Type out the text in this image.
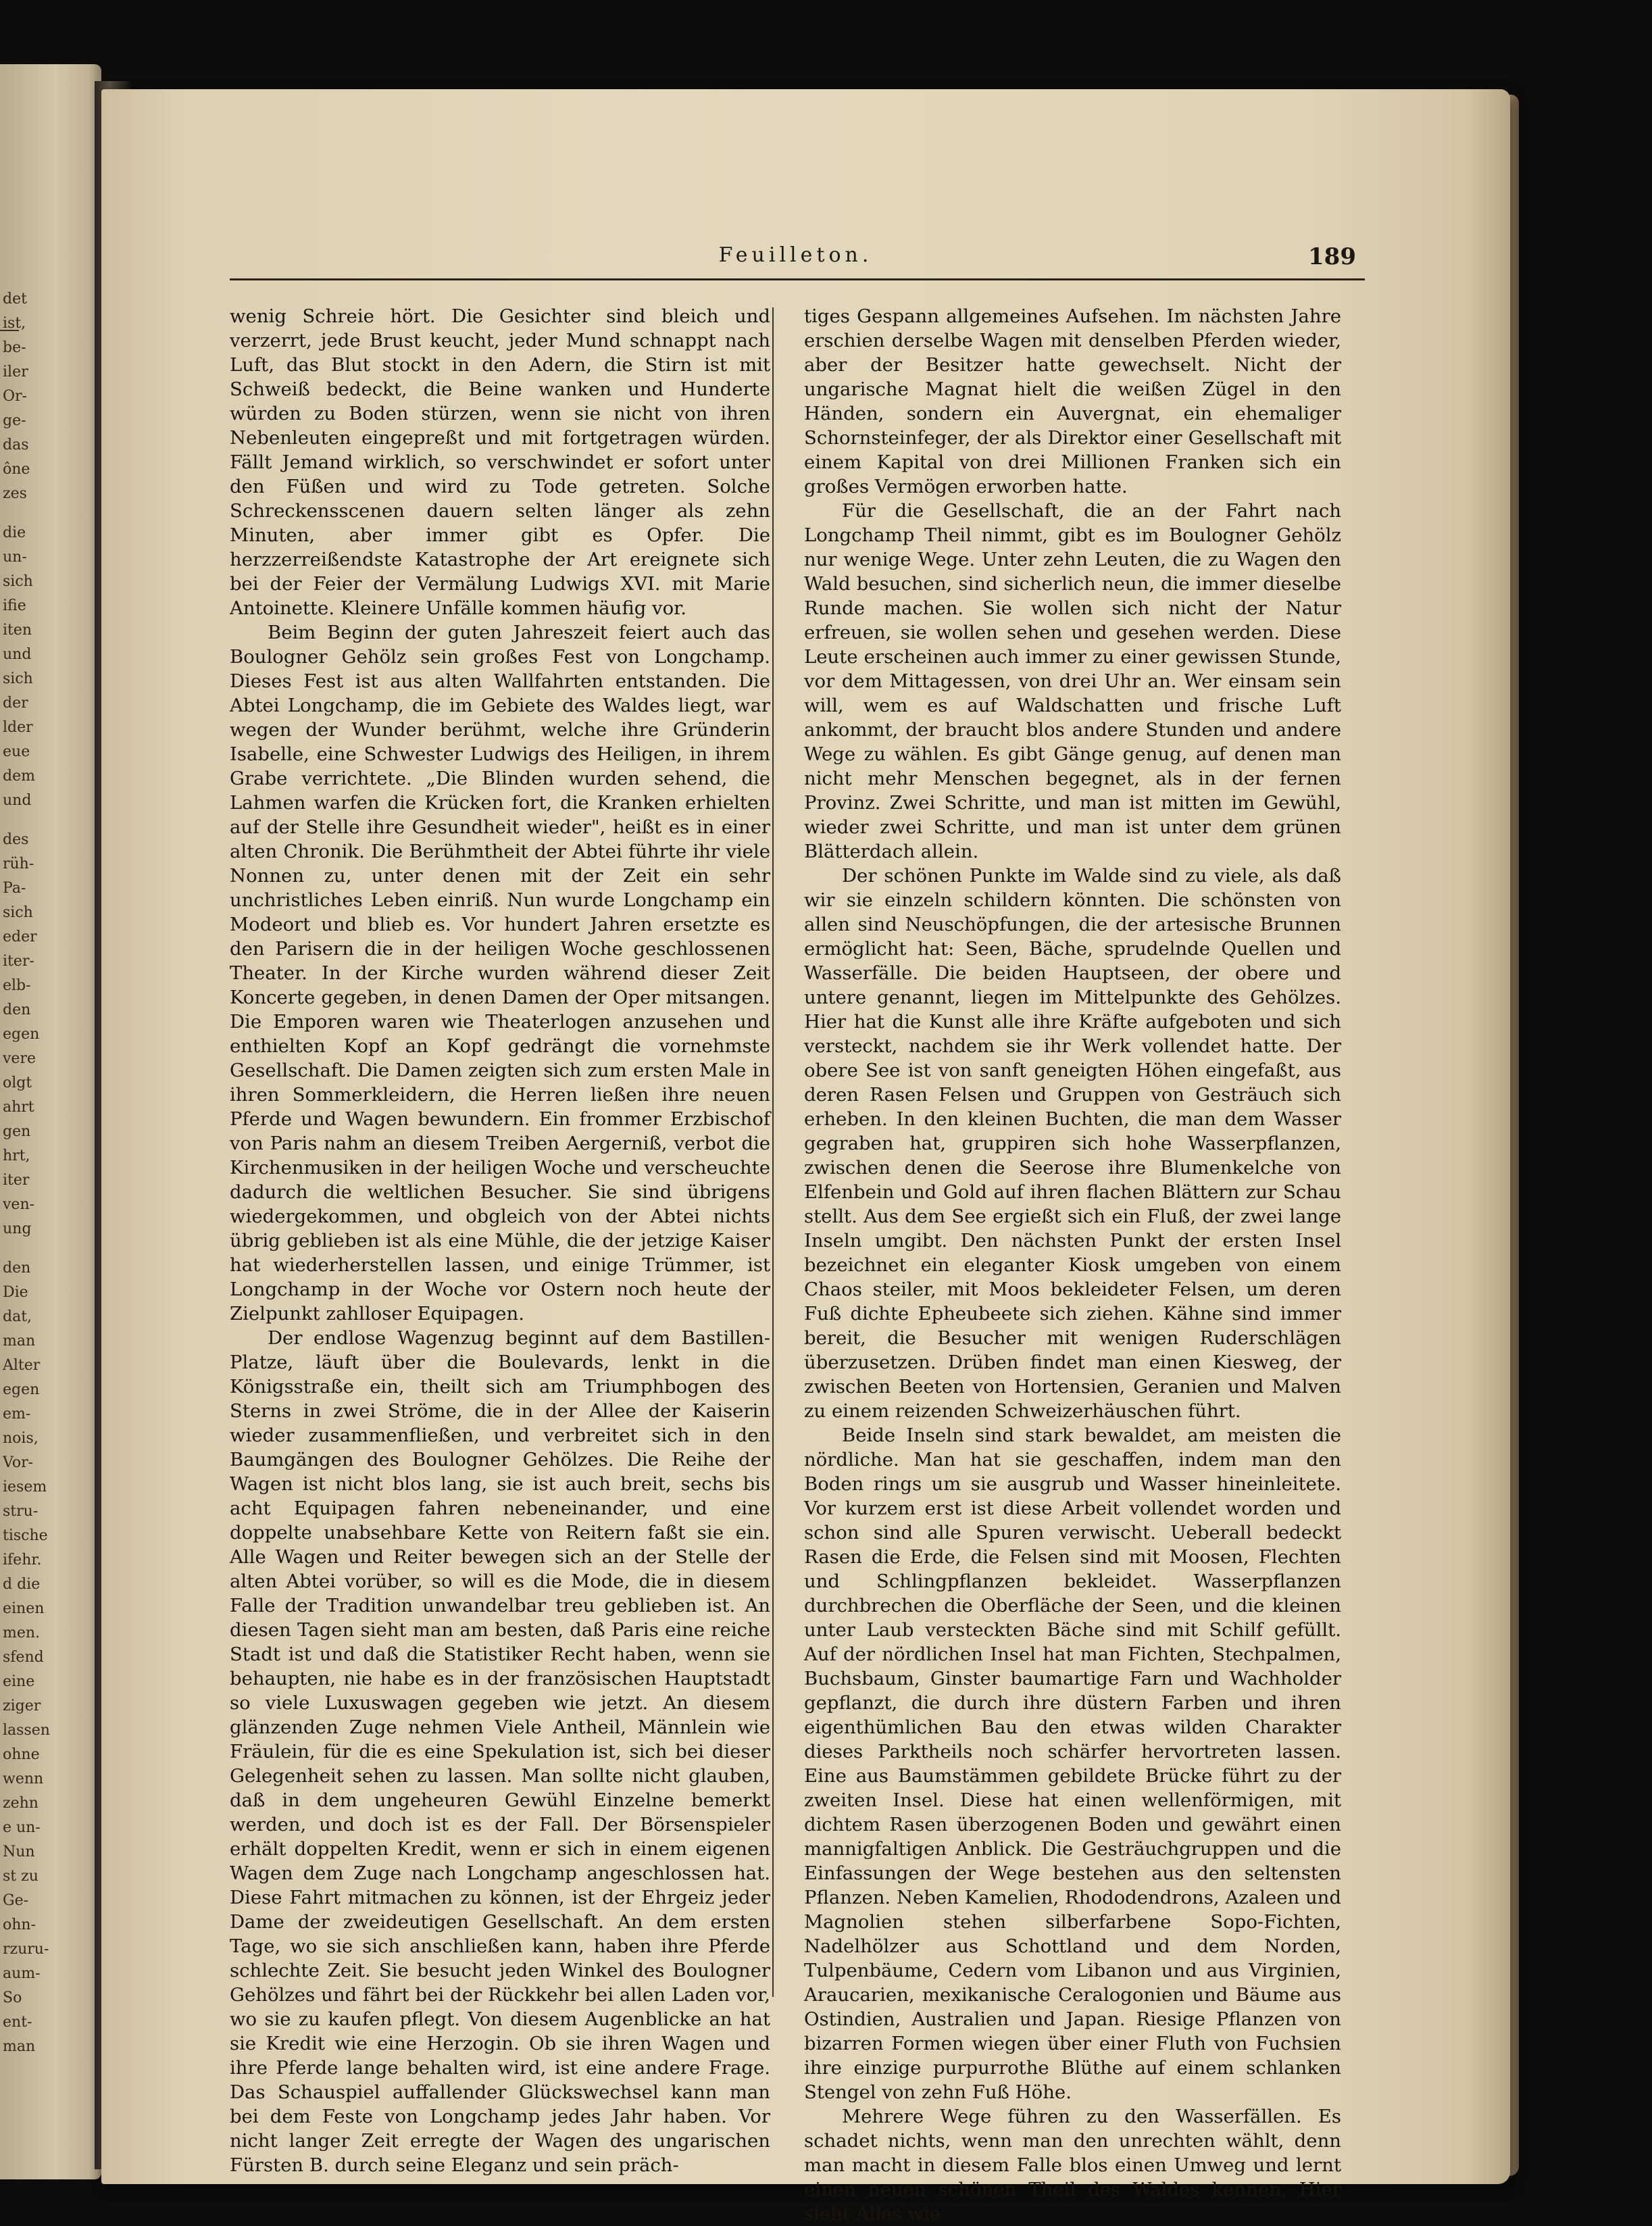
det
ist,
be-
iler
Or-
ge-
das
ône
zes
die
un-
sich
ifie
iten
und
sich
der
lder
eue
dem
und
des
rüh-
Pa-
sich
eder
iter-
elb-
den
egen
vere
olgt
ahrt
gen
hrt,
iter
ven-
ung
den
Die
dat,
man
Alter
egen
em-
nois,
Vor-
iesem
stru-
tische
ifehr.
d die
einen
men.
sfend
eine
ziger
lassen
ohne
wenn
zehn
e un-
Nun
st zu
Ge-
ohn-
rzuru-
aum-
So
ent-
man
Feuilleton.	189

wenig Schreie hört. Die Gesichter sind bleich und verzerrt, jede Brust keucht, jeder Mund schnappt nach Luft, das Blut stockt in den Adern, die Stirn ist mit Schweiß bedeckt, die Beine wanken und Hunderte würden zu Boden stürzen, wenn sie nicht von ihren Nebenleuten eingepreßt und mit fortgetragen würden. Fällt Jemand wirklich, so verschwindet er sofort unter den Füßen und wird zu Tode getreten. Solche Schreckensscenen dauern selten länger als zehn Minuten, aber immer gibt es Opfer. Die herzzerreißendste Katastrophe der Art ereignete sich bei der Feier der Vermälung Ludwigs XVI. mit Marie Antoinette. Kleinere Unfälle kommen häufig vor.

Beim Beginn der guten Jahreszeit feiert auch das Boulogner Gehölz sein großes Fest von Longchamp. Dieses Fest ist aus alten Wallfahrten entstanden. Die Abtei Longchamp, die im Gebiete des Waldes liegt, war wegen der Wunder berühmt, welche ihre Gründerin Isabelle, eine Schwester Ludwigs des Heiligen, in ihrem Grabe verrichtete. „Die Blinden wurden sehend, die Lahmen warfen die Krücken fort, die Kranken erhielten auf der Stelle ihre Gesundheit wieder", heißt es in einer alten Chronik. Die Berühmtheit der Abtei führte ihr viele Nonnen zu, unter denen mit der Zeit ein sehr unchristliches Leben einriß. Nun wurde Longchamp ein Modeort und blieb es. Vor hundert Jahren ersetzte es den Parisern die in der heiligen Woche geschlossenen Theater. In der Kirche wurden während dieser Zeit Koncerte gegeben, in denen Damen der Oper mitsangen. Die Emporen waren wie Theaterlogen anzusehen und enthielten Kopf an Kopf gedrängt die vornehmste Gesellschaft. Die Damen zeigten sich zum ersten Male in ihren Sommerkleidern, die Herren ließen ihre neuen Pferde und Wagen bewundern. Ein frommer Erzbischof von Paris nahm an diesem Treiben Aergerniß, verbot die Kirchenmusiken in der heiligen Woche und verscheuchte dadurch die weltlichen Besucher. Sie sind übrigens wiedergekommen, und obgleich von der Abtei nichts übrig geblieben ist als eine Mühle, die der jetzige Kaiser hat wiederherstellen lassen, und einige Trümmer, ist Longchamp in der Woche vor Ostern noch heute der Zielpunkt zahlloser Equipagen.

Der endlose Wagenzug beginnt auf dem Bastillen-Platze, läuft über die Boulevards, lenkt in die Königsstraße ein, theilt sich am Triumphbogen des Sterns in zwei Ströme, die in der Allee der Kaiserin wieder zusammenfließen, und verbreitet sich in den Baumgängen des Boulogner Gehölzes. Die Reihe der Wagen ist nicht blos lang, sie ist auch breit, sechs bis acht Equipagen fahren nebeneinander, und eine doppelte unabsehbare Kette von Reitern faßt sie ein. Alle Wagen und Reiter bewegen sich an der Stelle der alten Abtei vorüber, so will es die Mode, die in diesem Falle der Tradition unwandelbar treu geblieben ist. An diesen Tagen sieht man am besten, daß Paris eine reiche Stadt ist und daß die Statistiker Recht haben, wenn sie behaupten, nie habe es in der französischen Hauptstadt so viele Luxuswagen gegeben wie jetzt. An diesem glänzenden Zuge nehmen Viele Antheil, Männlein wie Fräulein, für die es eine Spekulation ist, sich bei dieser Gelegenheit sehen zu lassen. Man sollte nicht glauben, daß in dem ungeheuren Gewühl Einzelne bemerkt werden, und doch ist es der Fall. Der Börsenspieler erhält doppelten Kredit, wenn er sich in einem eigenen Wagen dem Zuge nach Longchamp angeschlossen hat. Diese Fahrt mitmachen zu können, ist der Ehrgeiz jeder Dame der zweideutigen Gesellschaft. An dem ersten Tage, wo sie sich anschließen kann, haben ihre Pferde schlechte Zeit. Sie besucht jeden Winkel des Boulogner Gehölzes und fährt bei der Rückkehr bei allen Laden vor, wo sie zu kaufen pflegt. Von diesem Augenblicke an hat sie Kredit wie eine Herzogin. Ob sie ihren Wagen und ihre Pferde lange behalten wird, ist eine andere Frage. Das Schauspiel auffallender Glückswechsel kann man bei dem Feste von Longchamp jedes Jahr haben. Vor nicht langer Zeit erregte der Wagen des ungarischen Fürsten B. durch seine Eleganz und sein präch-

tiges Gespann allgemeines Aufsehen. Im nächsten Jahre erschien derselbe Wagen mit denselben Pferden wieder, aber der Besitzer hatte gewechselt. Nicht der ungarische Magnat hielt die weißen Zügel in den Händen, sondern ein Auvergnat, ein ehemaliger Schornsteinfeger, der als Direktor einer Gesellschaft mit einem Kapital von drei Millionen Franken sich ein großes Vermögen erworben hatte.

Für die Gesellschaft, die an der Fahrt nach Longchamp Theil nimmt, gibt es im Boulogner Gehölz nur wenige Wege. Unter zehn Leuten, die zu Wagen den Wald besuchen, sind sicherlich neun, die immer dieselbe Runde machen. Sie wollen sich nicht der Natur erfreuen, sie wollen sehen und gesehen werden. Diese Leute erscheinen auch immer zu einer gewissen Stunde, vor dem Mittagessen, von drei Uhr an. Wer einsam sein will, wem es auf Waldschatten und frische Luft ankommt, der braucht blos andere Stunden und andere Wege zu wählen. Es gibt Gänge genug, auf denen man nicht mehr Menschen begegnet, als in der fernen Provinz. Zwei Schritte, und man ist mitten im Gewühl, wieder zwei Schritte, und man ist unter dem grünen Blätterdach allein.

Der schönen Punkte im Walde sind zu viele, als daß wir sie einzeln schildern könnten. Die schönsten von allen sind Neuschöpfungen, die der artesische Brunnen ermöglicht hat: Seen, Bäche, sprudelnde Quellen und Wasserfälle. Die beiden Hauptseen, der obere und untere genannt, liegen im Mittelpunkte des Gehölzes. Hier hat die Kunst alle ihre Kräfte aufgeboten und sich versteckt, nachdem sie ihr Werk vollendet hatte. Der obere See ist von sanft geneigten Höhen eingefaßt, aus deren Rasen Felsen und Gruppen von Gesträuch sich erheben. In den kleinen Buchten, die man dem Wasser gegraben hat, gruppiren sich hohe Wasserpflanzen, zwischen denen die Seerose ihre Blumenkelche von Elfenbein und Gold auf ihren flachen Blättern zur Schau stellt. Aus dem See ergießt sich ein Fluß, der zwei lange Inseln umgibt. Den nächsten Punkt der ersten Insel bezeichnet ein eleganter Kiosk umgeben von einem Chaos steiler, mit Moos bekleideter Felsen, um deren Fuß dichte Epheubeete sich ziehen. Kähne sind immer bereit, die Besucher mit wenigen Ruderschlägen überzusetzen. Drüben findet man einen Kiesweg, der zwischen Beeten von Hortensien, Geranien und Malven zu einem reizenden Schweizerhäuschen führt.

Beide Inseln sind stark bewaldet, am meisten die nördliche. Man hat sie geschaffen, indem man den Boden rings um sie ausgrub und Wasser hineinleitete. Vor kurzem erst ist diese Arbeit vollendet worden und schon sind alle Spuren verwischt. Ueberall bedeckt Rasen die Erde, die Felsen sind mit Moosen, Flechten und Schlingpflanzen bekleidet. Wasserpflanzen durchbrechen die Oberfläche der Seen, und die kleinen unter Laub versteckten Bäche sind mit Schilf gefüllt. Auf der nördlichen Insel hat man Fichten, Stechpalmen, Buchsbaum, Ginster baumartige Farn und Wachholder gepflanzt, die durch ihre düstern Farben und ihren eigenthümlichen Bau den etwas wilden Charakter dieses Parktheils noch schärfer hervortreten lassen. Eine aus Baumstämmen gebildete Brücke führt zu der zweiten Insel. Diese hat einen wellenförmigen, mit dichtem Rasen überzogenen Boden und gewährt einen mannigfaltigen Anblick. Die Gesträuchgruppen und die Einfassungen der Wege bestehen aus den seltensten Pflanzen. Neben Kamelien, Rhododendrons, Azaleen und Magnolien stehen silberfarbene Sopo-Fichten, Nadelhölzer aus Schottland und dem Norden, Tulpenbäume, Cedern vom Libanon und aus Virginien, Araucarien, mexikanische Ceralogonien und Bäume aus Ostindien, Australien und Japan. Riesige Pflanzen von bizarren Formen wiegen über einer Fluth von Fuchsien ihre einzige purpurrothe Blüthe auf einem schlanken Stengel von zehn Fuß Höhe.

Mehrere Wege führen zu den Wasserfällen. Es schadet nichts, wenn man den unrechten wählt, denn man macht in diesem Falle blos einen Umweg und lernt einen neuen schönen Theil des Waldes kennen. Hier sieht Alles wie
